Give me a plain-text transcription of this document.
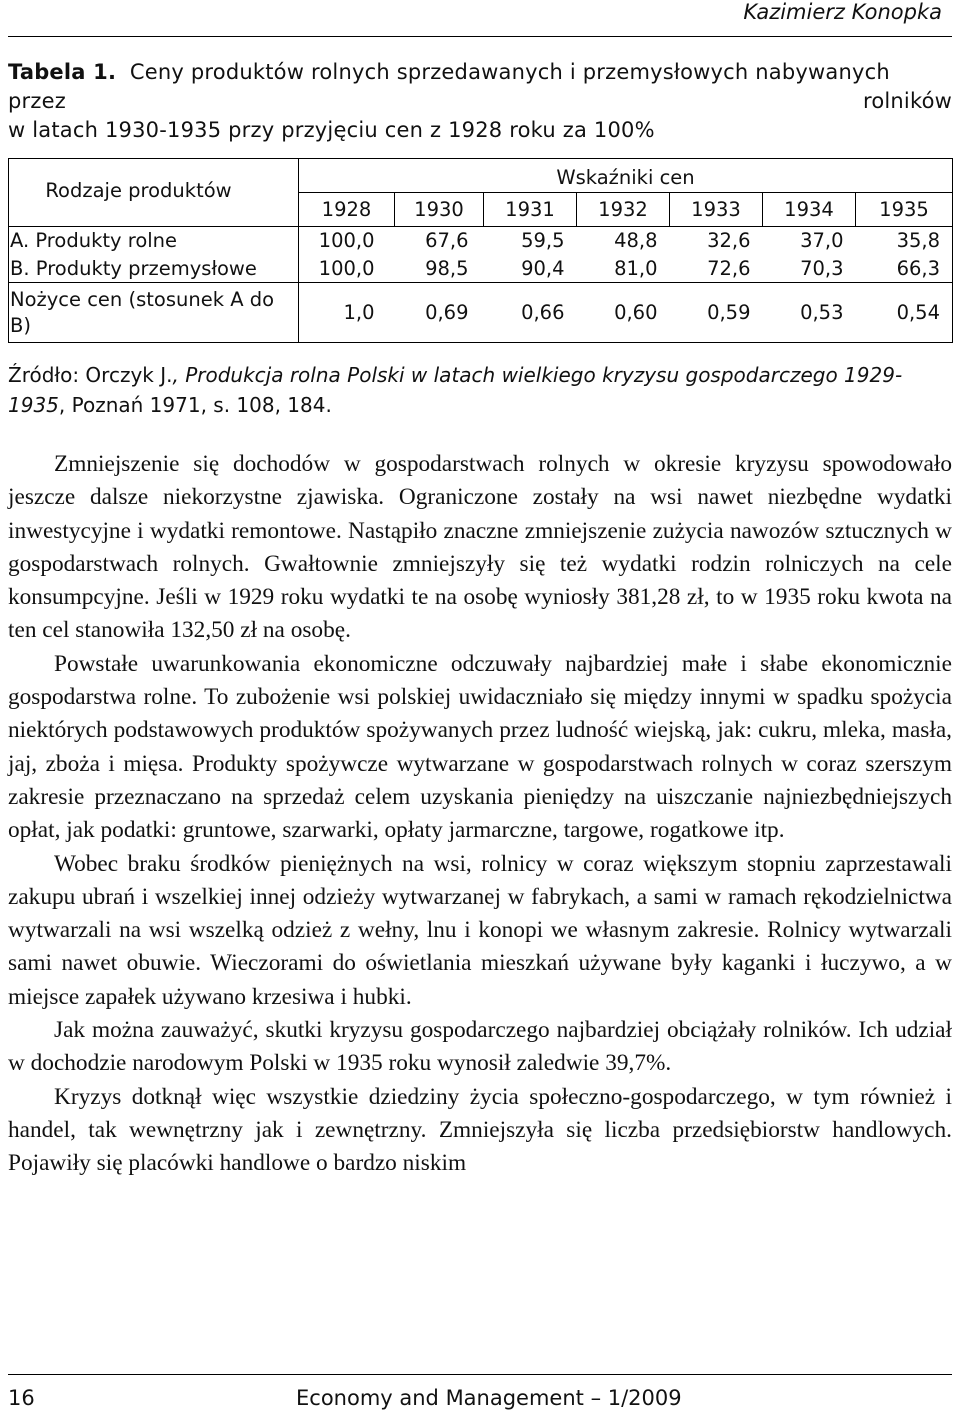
Kazimierz Konopka
Tabela 1. Ceny produktów rolnych sprzedawanych i przemysłowych nabywanych
przez	rolników
w latach 1930-1935 przy przyjęciu cen z 1928 roku za 100%
Rodzaje produktów	Wskaźniki cen						
	1928	1930	1931	1932	1933	1934	1935
A. Produkty rolne	100,0	67,6	59,5	48,8	32,6	37,0	35,8
B. Produkty przemysłowe	100,0	98,5	90,4	81,0	72,6	70,3	66,3
Nożyce cen (stosunek A do B)	1,0	0,69	0,66	0,60	0,59	0,53	0,54
Źródło: Orczyk J., Produkcja rolna Polski w latach wielkiego kryzysu gospodarczego 1929-1935, Poznań 1971, s. 108, 184.

Zmniejszenie się dochodów w gospodarstwach rolnych w okresie kryzysu spowodowało jeszcze dalsze niekorzystne zjawiska. Ograniczone zostały na wsi nawet niezbędne wydatki inwestycyjne i wydatki remontowe. Nastąpiło znaczne zmniejszenie zużycia nawozów sztucznych w gospodarstwach rolnych. Gwałtownie zmniejszyły się też wydatki rodzin rolniczych na cele konsumpcyjne. Jeśli w 1929 roku wydatki te na osobę wyniosły 381,28 zł, to w 1935 roku kwota na ten cel stanowiła 132,50 zł na osobę.

Powstałe uwarunkowania ekonomiczne odczuwały najbardziej małe i słabe ekonomicznie gospodarstwa rolne. To zubożenie wsi polskiej uwidaczniało się między innymi w spadku spożycia niektórych podstawowych produktów spożywanych przez ludność wiejską, jak: cukru, mleka, masła, jaj, zboża i mięsa. Produkty spożywcze wytwarzane w gospodarstwach rolnych w coraz szerszym zakresie przeznaczano na sprzedaż celem uzyskania pieniędzy na uiszczanie najniezbędniejszych opłat, jak podatki: gruntowe, szarwarki, opłaty jarmarczne, targowe, rogatkowe itp.

Wobec braku środków pieniężnych na wsi, rolnicy w coraz większym stopniu zaprzestawali zakupu ubrań i wszelkiej innej odzieży wytwarzanej w fabrykach, a sami w ramach rękodzielnictwa wytwarzali na wsi wszelką odzież z wełny, lnu i konopi we własnym zakresie. Rolnicy wytwarzali sami nawet obuwie. Wieczorami do oświetlania mieszkań używane były kaganki i łuczywo, a w miejsce zapałek używano krzesiwa i hubki.

Jak można zauważyć, skutki kryzysu gospodarczego najbardziej obciążały rolników. Ich udział w dochodzie narodowym Polski w 1935 roku wynosił zaledwie 39,7%.

Kryzys dotknął więc wszystkie dziedziny życia społeczno-gospodarczego, w tym również i handel, tak wewnętrzny jak i zewnętrzny. Zmniejszyła się liczba przedsiębiorstw handlowych. Pojawiły się placówki handlowe o bardzo niskim

16	Economy and Management – 1/2009
